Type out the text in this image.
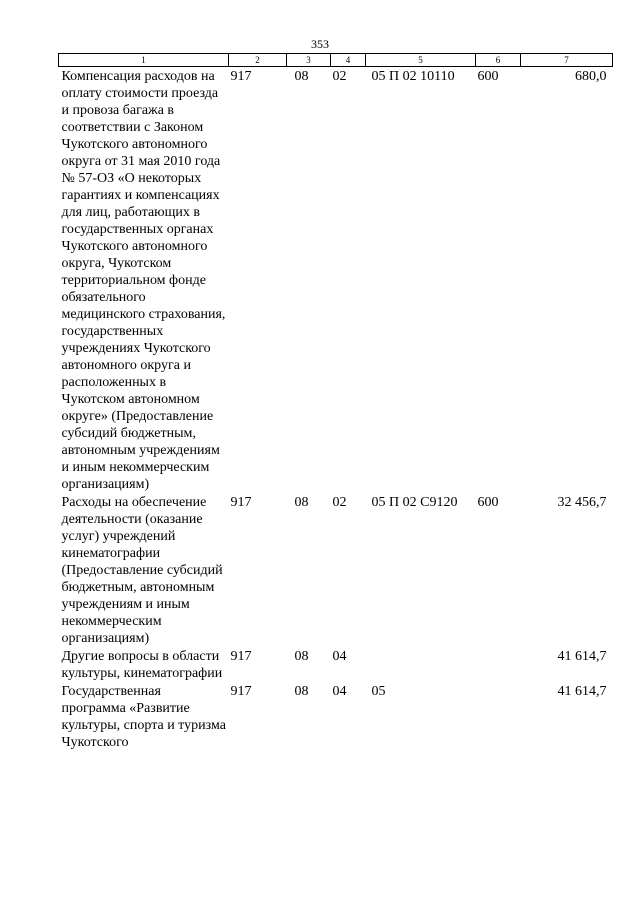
353
1	2	3	4	5	6	7
Компенсация расходов на оплату стоимости проезда и провоза багажа в соответствии с Законом Чукотского автономного округа от 31 мая 2010 года № 57-ОЗ «О некоторых гарантиях и компенсациях для лиц, работающих в государственных органах Чукотского автономного округа, Чукотском территориальном фонде обязательного медицинского страхования, государственных учреждениях Чукотского автономного округа и расположенных в Чукотском автономном округе» (Предоставление субсидий бюджетным, автономным учреждениям и иным некоммерческим организациям)	917	08	02	05 П 02 10110	600	680,0
Расходы на обеспечение деятельности (оказание услуг) учреждений кинематографии (Предоставление субсидий бюджетным, автономным учреждениям и иным некоммерческим организациям)	917	08	02	05 П 02 С9120	600	32 456,7
Другие вопросы в области культуры, кинематографии	917	08	04			41 614,7
Государственная программа «Развитие культуры, спорта и туризма Чукотского	917	08	04	05		41 614,7
